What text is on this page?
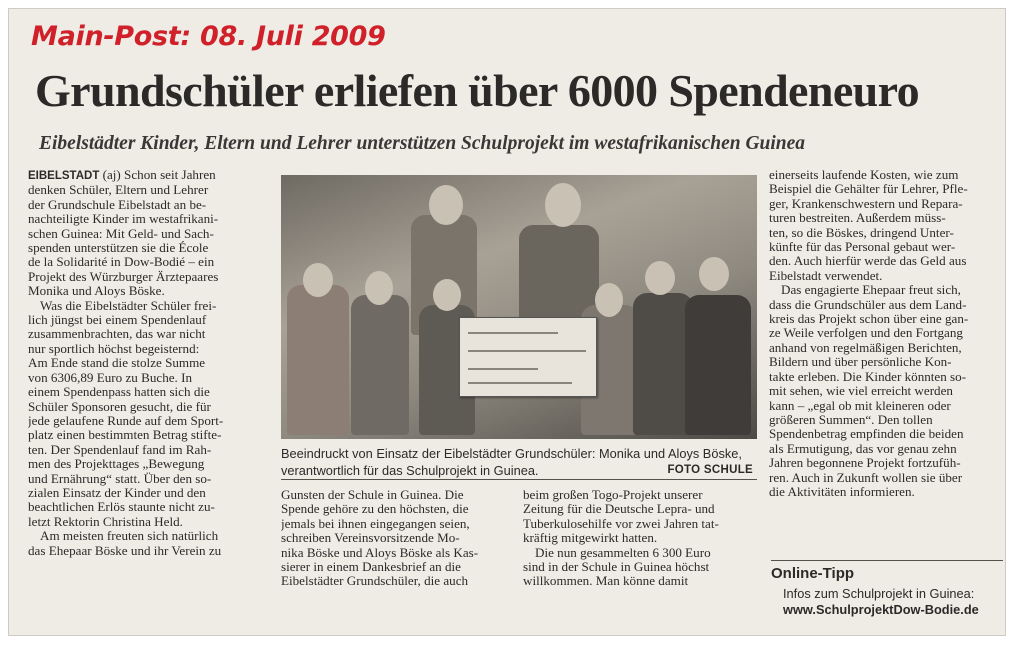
Main-Post: 08. Juli 2009
Grundschüler erliefen über 6000 Spendeneuro
Eibelstädter Kinder, Eltern und Lehrer unterstützen Schulprojekt im westafrikanischen Guinea
EIBELSTADT (aj) Schon seit Jahren
denken Schüler, Eltern und Lehrer
der Grundschule Eibelstadt an be-
nachteiligte Kinder im westafrikani-
schen Guinea: Mit Geld- und Sach-
spenden unterstützen sie die École
de la Solidarité in Dow-Bodié – ein
Projekt des Würzburger Ärztepaares
Monika und Aloys Böske.
Was die Eibelstädter Schüler frei-
lich jüngst bei einem Spendenlauf
zusammenbrachten, das war nicht
nur sportlich höchst begeisternd:
Am Ende stand die stolze Summe
von 6306,89 Euro zu Buche. In
einem Spendenpass hatten sich die
Schüler Sponsoren gesucht, die für
jede gelaufene Runde auf dem Sport-
platz einen bestimmten Betrag stifte-
ten. Der Spendenlauf fand im Rah-
men des Projekttages „Bewegung
und Ernährung“ statt. Über den so-
zialen Einsatz der Kinder und den
beachtlichen Erlös staunte nicht zu-
letzt Rektorin Christina Held.
Am meisten freuten sich natürlich
das Ehepaar Böske und ihr Verein zu
Beeindruckt von Einsatz der Eibelstädter Grundschüler: Monika und Aloys Böske, verantwortlich für das Schulprojekt in Guinea.	FOTO SCHULE
Gunsten der Schule in Guinea. Die
Spende gehöre zu den höchsten, die
jemals bei ihnen eingegangen seien,
schreiben Vereinsvorsitzende Mo-
nika Böske und Aloys Böske als Kas-
sierer in einem Dankesbrief an die
Eibelstädter Grundschüler, die auch
beim großen Togo-Projekt unserer
Zeitung für die Deutsche Lepra- und
Tuberkulosehilfe vor zwei Jahren tat-
kräftig mitgewirkt hatten.
Die nun gesammelten 6 300 Euro
sind in der Schule in Guinea höchst
willkommen. Man könne damit
einerseits laufende Kosten, wie zum
Beispiel die Gehälter für Lehrer, Pfle-
ger, Krankenschwestern und Repara-
turen bestreiten. Außerdem müss-
ten, so die Böskes, dringend Unter-
künfte für das Personal gebaut wer-
den. Auch hierfür werde das Geld aus
Eibelstadt verwendet.
Das engagierte Ehepaar freut sich,
dass die Grundschüler aus dem Land-
kreis das Projekt schon über eine gan-
ze Weile verfolgen und den Fortgang
anhand von regelmäßigen Berichten,
Bildern und über persönliche Kon-
takte erleben. Die Kinder könnten so-
mit sehen, wie viel erreicht werden
kann – „egal ob mit kleineren oder
größeren Summen“. Den tollen
Spendenbetrag empfinden die beiden
als Ermutigung, das vor genau zehn
Jahren begonnene Projekt fortzufüh-
ren. Auch in Zukunft wollen sie über
die Aktivitäten informieren.
Online-Tipp
Infos zum Schulprojekt in Guinea:
www.SchulprojektDow-Bodie.de
